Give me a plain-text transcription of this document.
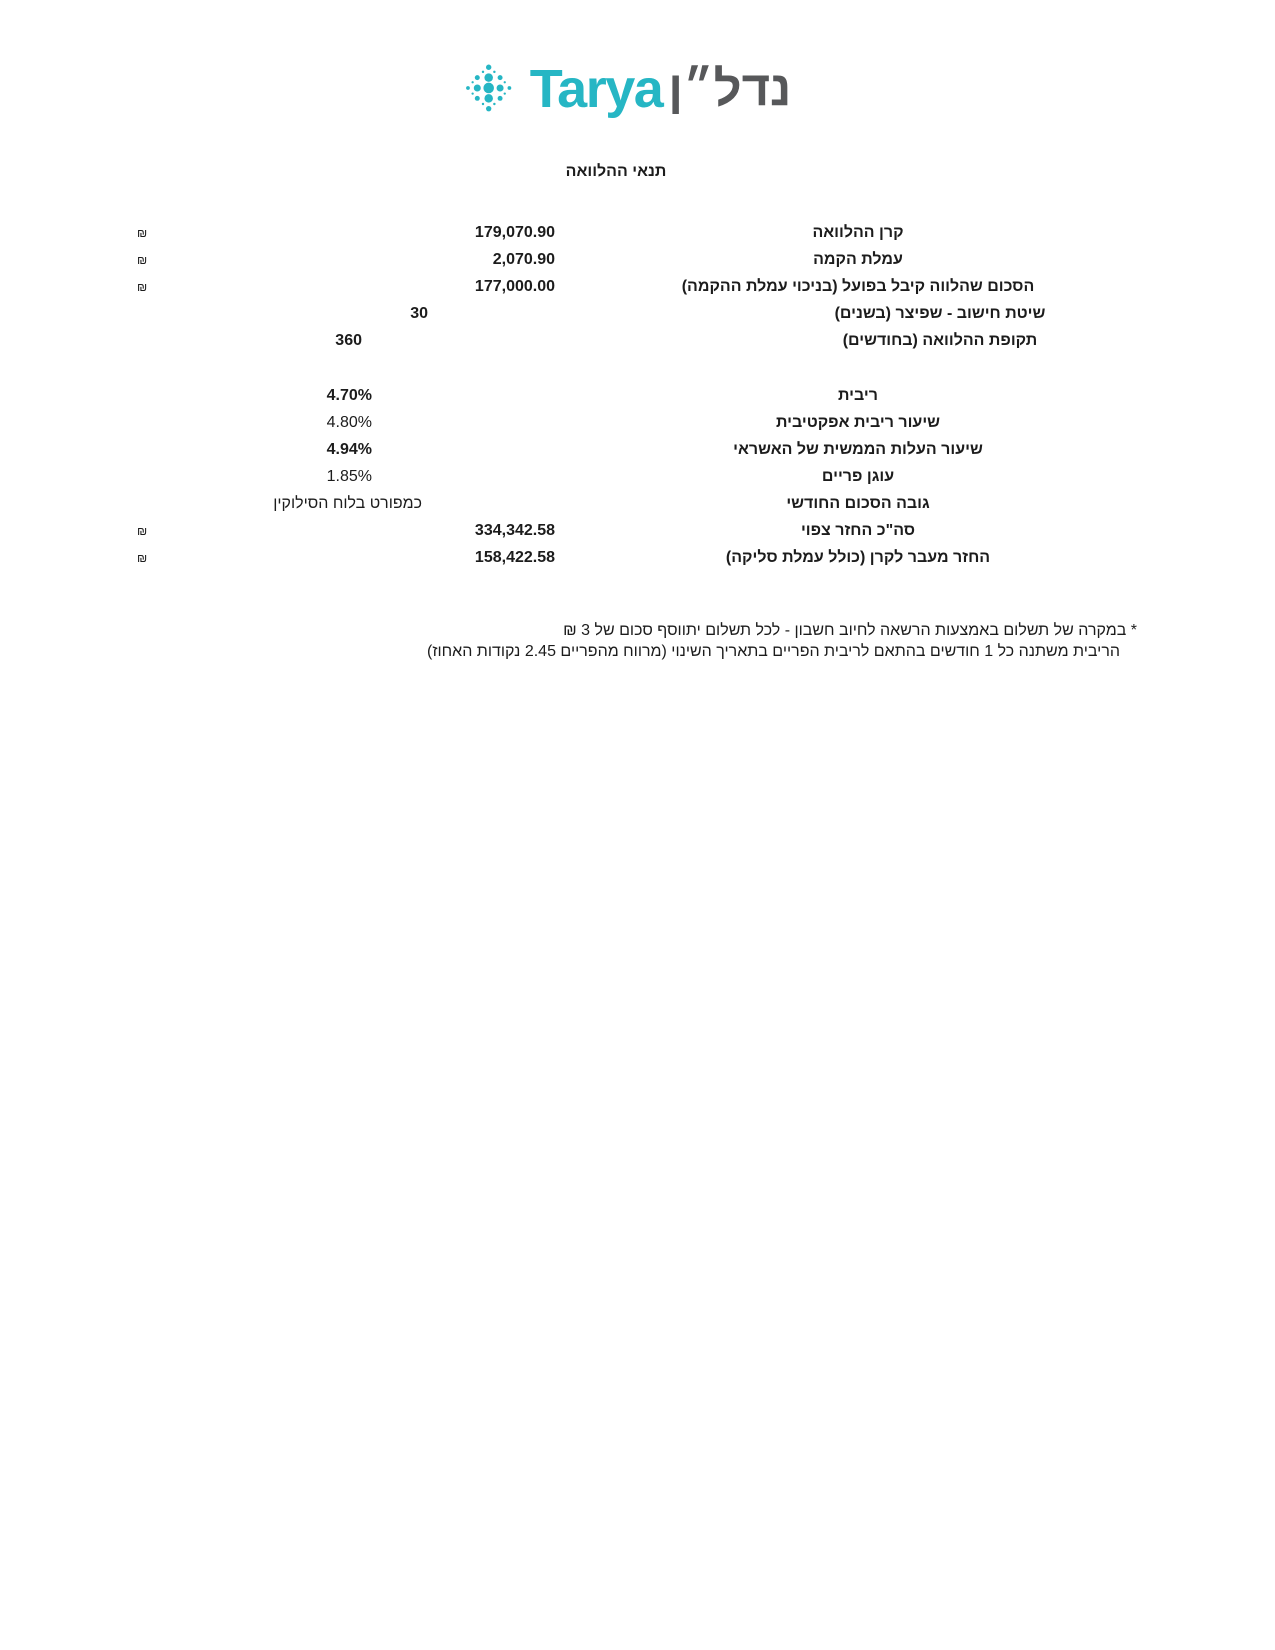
Tarya נדל״ן
תנאי ההלוואה
₪	179,070.90	קרן ההלוואה
₪	2,070.90	עמלת הקמה
₪	177,000.00	הסכום שהלווה קיבל בפועל (בניכוי עמלת ההקמה)
30	שיטת חישוב - שפיצר (בשנים)
360	תקופת ההלוואה (בחודשים)
4.70%	ריבית
4.80%	שיעור ריבית אפקטיבית
4.94%	שיעור העלות הממשית של האשראי
1.85%	עוגן פריים
כמפורט בלוח הסילוקין	גובה הסכום החודשי
₪	334,342.58	סה"כ החזר צפוי
₪	158,422.58	החזר מעבר לקרן (כולל עמלת סליקה)
* במקרה של תשלום באמצעות הרשאה לחיוב חשבון - לכל תשלום יתווסף סכום של 3 ₪
הריבית משתנה כל 1 חודשים בהתאם לריבית הפריים בתאריך השינוי (מרווח מהפריים 2.45 נקודות האחוז)
